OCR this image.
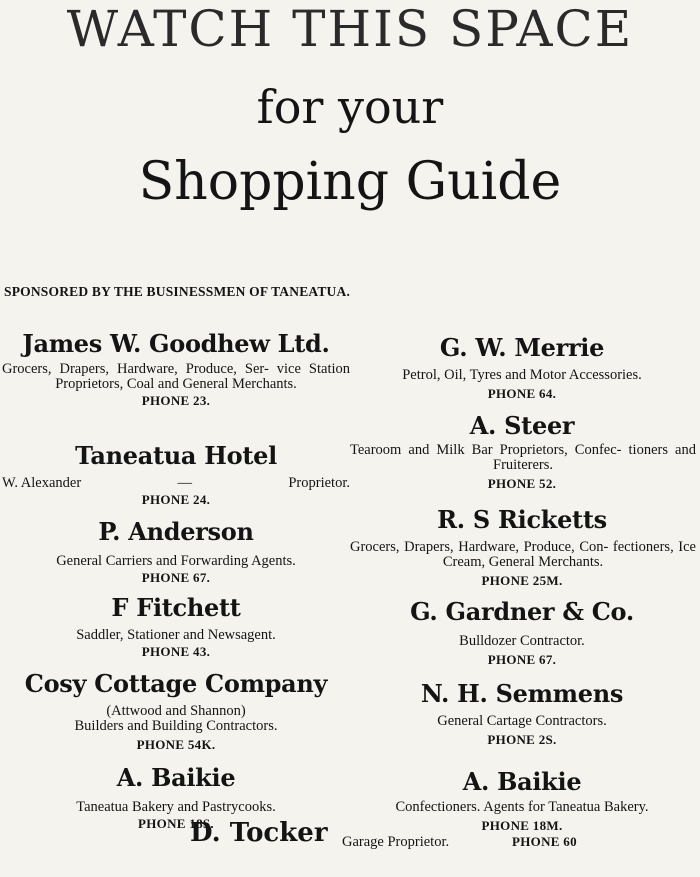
WATCH THIS SPACE
for your
Shopping Guide
SPONSORED BY THE BUSINESSMEN OF TANEATUA.
James W. Goodhew Ltd.
Grocers, Drapers, Hardware, Produce, Ser- vice Station Proprietors, Coal and General Merchants.
PHONE 23.
Taneatua Hotel
W. Alexander	—	Proprietor.
PHONE 24.
P. Anderson
General Carriers and Forwarding Agents.
PHONE 67.
F Fitchett
Saddler, Stationer and Newsagent.
PHONE 43.
Cosy Cottage Company
(Attwood and Shannon)
Builders and Building Contractors.
PHONE 54K.
A. Baikie
Taneatua Bakery and Pastrycooks.
PHONE 18S.
G. W. Merrie
Petrol, Oil, Tyres and Motor Accessories.
PHONE 64.
A. Steer
Tearoom and Milk Bar Proprietors, Confec- tioners and Fruiterers.
PHONE 52.
R. S Ricketts
Grocers, Drapers, Hardware, Produce, Con- fectioners, Ice Cream, General Merchants.
PHONE 25M.
G. Gardner & Co.
Bulldozer Contractor.
PHONE 67.
N. H. Semmens
General Cartage Contractors.
PHONE 2S.
A. Baikie
Confectioners. Agents for Taneatua Bakery.
PHONE 18M.
D. Tocker Garage Proprietor.	PHONE 60
